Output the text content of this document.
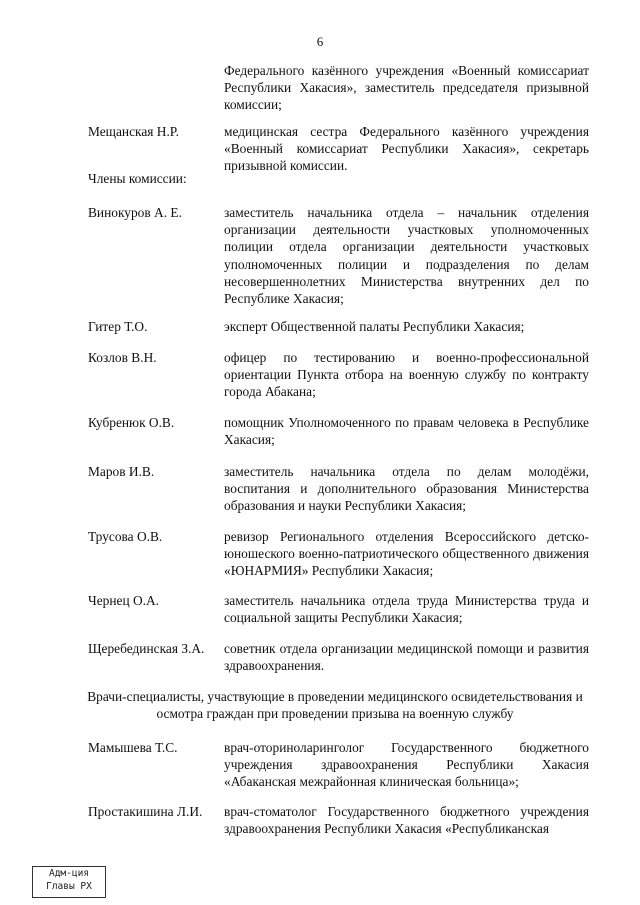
6
Федерального казённого учреждения «Военный комиссариат Республики Хакасия», заместитель председателя призывной комиссии;
Мещанская Н.Р.	медицинская сестра Федерального казённого учреждения «Военный комиссариат Республики Хакасия», секретарь призывной комиссии.
Члены комиссии:
Винокуров А. Е.	заместитель начальника отдела – начальник отделения организации деятельности участковых уполномоченных полиции отдела организации деятельности участковых уполномоченных полиции и подразделения по делам несовершеннолетних Министерства внутренних дел по Республике Хакасия;
Гитер Т.О.	эксперт Общественной палаты Республики Хакасия;
Козлов В.Н.	офицер по тестированию и военно-профессиональной ориентации Пункта отбора на военную службу по контракту города Абакана;
Кубренюк О.В.	помощник Уполномоченного по правам человека в Республике Хакасия;
Маров И.В.	заместитель начальника отдела по делам молодёжи, воспитания и дополнительного образования Министерства образования и науки Республики Хакасия;
Трусова О.В.	ревизор Регионального отделения Всероссийского детско-юношеского военно-патриотического общественного движения «ЮНАРМИЯ» Республики Хакасия;
Чернец О.А.	заместитель начальника отдела труда Министерства труда и социальной защиты Республики Хакасия;
Щеребединская З.А.	советник отдела организации медицинской помощи и развития здравоохранения.
Врачи-специалисты, участвующие в проведении медицинского освидетельствования и осмотра граждан при проведении призыва на военную службу
Мамышева Т.С.	врач-оториноларинголог Государственного бюджетного учреждения здравоохранения Республики Хакасия «Абаканская межрайонная клиническая больница»;
Простакишина Л.И.	врач-стоматолог Государственного бюджетного учреждения здравоохранения Республики Хакасия «Республиканская
Адм-ция
Главы РХ
